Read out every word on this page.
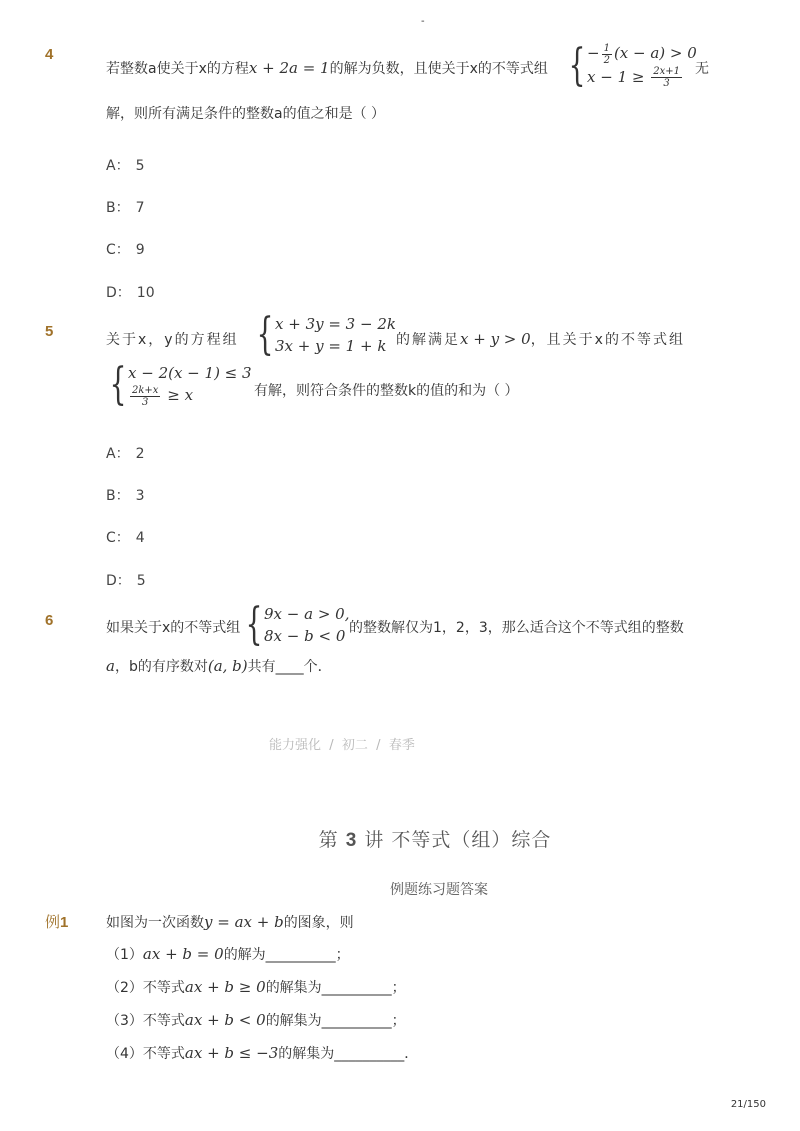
-
4
若整数a使关于x的方程x + 2a = 1的解为负数，且使关于x的不等式组 { − $\frac{1}{2} (x - a) > 0$
$x - 1 \ge \frac{2x+1}{3}$ 无
解，则所有满足条件的整数a的值之和是（ ）
A： 5
B： 7
C： 9
D： 10
5	关于x，y的方程组 { x + 3y = 3 − 2k
3x + y = 1 + k 的解满足x + y > 0，且关于x的不等式组
{ x − 2(x − 1) ≤ 3
$\frac{2k+x}{3} \ge x$	有解，则符合条件的整数k的值的和为（ ）
A： 2
B： 3
C： 4
D： 5
6	如果关于x的不等式组 { 9x − a > 0,
8x − b < 0 的整数解仅为1，2，3，那么适合这个不等式组的整数
a，b的有序数对(a, b)共有____个．
能力强化  /  初二  /  春季
第 3 讲 不等式（组）综合
例题练习题答案
例1	如图为一次函数y = ax + b的图象，则
（1）ax + b = 0的解为__________；
（2）不等式ax + b ≥ 0的解集为__________；
（3）不等式ax + b < 0的解集为__________；
（4）不等式ax + b ≤ −3的解集为__________．
21/150
